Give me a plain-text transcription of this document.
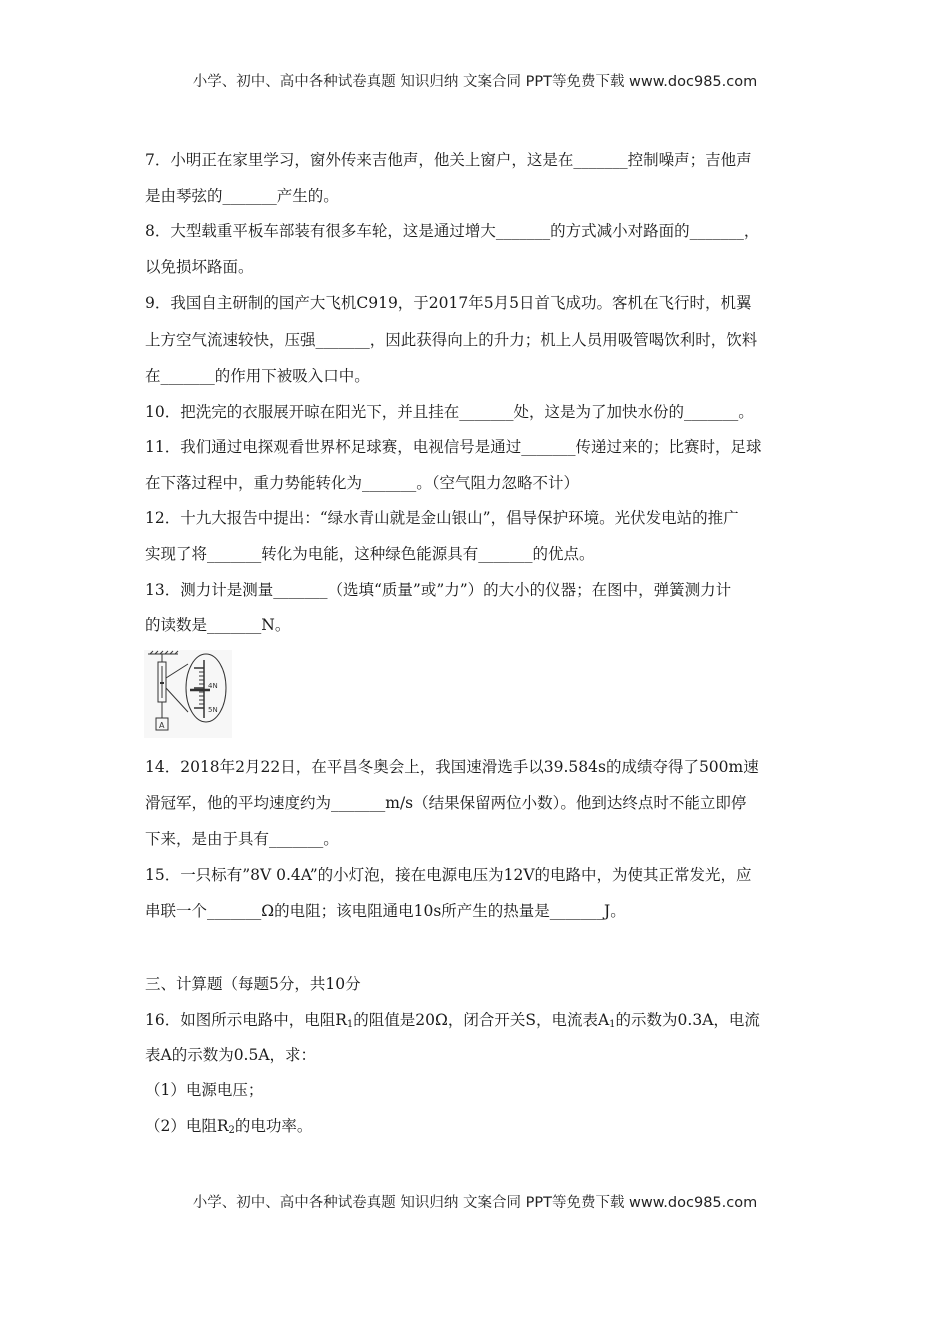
小学、初中、高中各种试卷真题 知识归纳 文案合同 PPT等免费下载 www.doc985.com
7．小明正在家里学习，窗外传来吉他声，他关上窗户，这是在_______控制噪声；吉他声
是由琴弦的_______产生的。
8．大型载重平板车部装有很多车轮，这是通过增大_______的方式减小对路面的_______，
以免损坏路面。
9．我国自主研制的国产大飞机C919，于2017年5月5日首飞成功。客机在飞行时，机翼
上方空气流速较快，压强_______，因此获得向上的升力；机上人员用吸管喝饮利时，饮料
在_______的作用下被吸入口中。
10．把洗完的衣服展开晾在阳光下，并且挂在_______处，这是为了加快水份的_______。
11．我们通过电探观看世界杯足球赛，电视信号是通过_______传递过来的；比赛时，足球
在下落过程中，重力势能转化为_______。（空气阻力忽略不计）
12．十九大报告中提出：“绿水青山就是金山银山”，倡导保护环境。光伏发电站的推广
实现了将_______转化为电能，这种绿色能源具有_______的优点。
13．测力计是测量_______（选填“质量”或”力”）的大小的仪器；在图中，弹簧测力计
的读数是_______N。
14．2018年2月22日，在平昌冬奥会上，我国速滑选手以39.584s的成绩夺得了500m速
滑冠军，他的平均速度约为_______m/s（结果保留两位小数）。他到达终点时不能立即停
下来，是由于具有_______。
15．一只标有”8V 0.4A”的小灯泡，接在电源电压为12V的电路中，为使其正常发光，应
串联一个_______Ω的电阻；该电阻通电10s所产生的热量是_______J。
三、计算题（每题5分，共10分
16．如图所示电路中，电阻$R_1$的阻值是20Ω，闭合开关S，电流表$A_1$的示数为0.3A，电流
表A的示数为0.5A，求：
（1）电源电压；
（2）电阻$R_2$的电功率。
4N
5N
A
小学、初中、高中各种试卷真题 知识归纳 文案合同 PPT等免费下载 www.doc985.com
